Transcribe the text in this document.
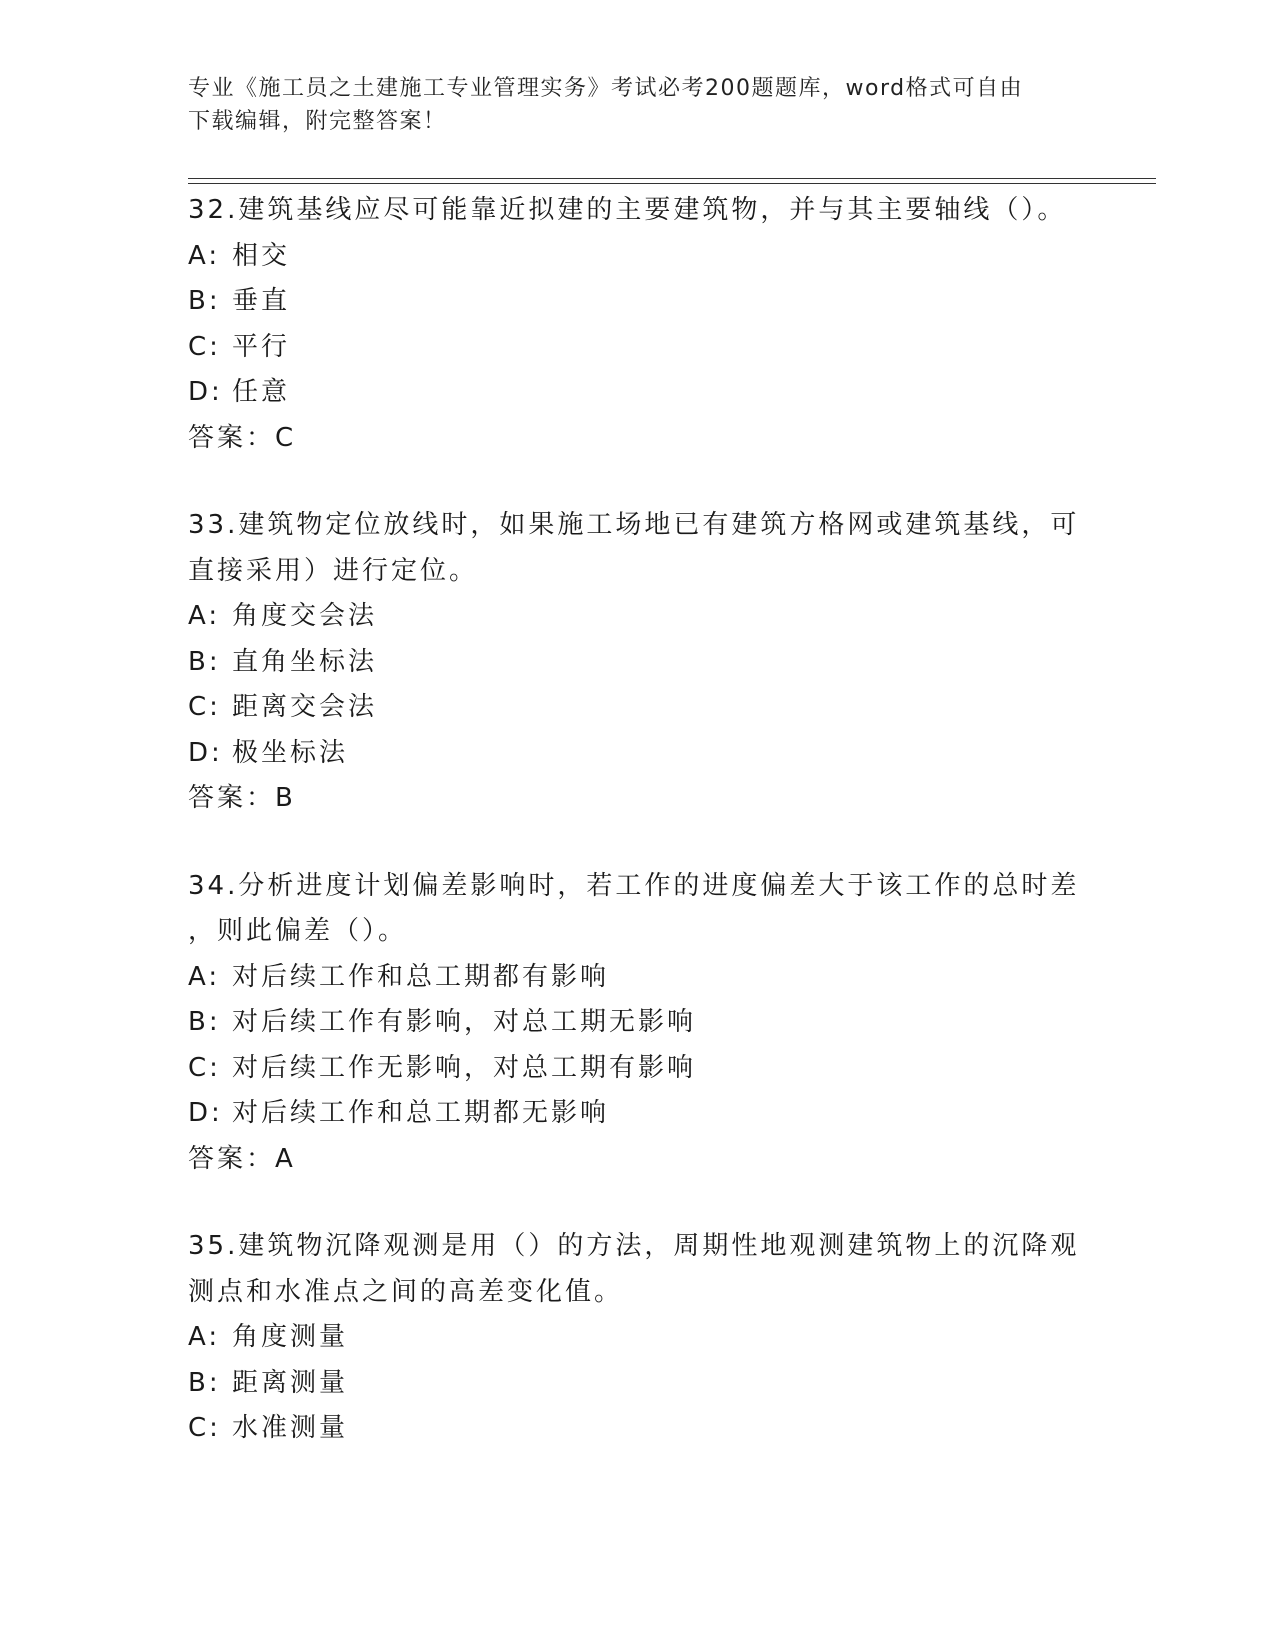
专业《施工员之土建施工专业管理实务》考试必考200题题库，word格式可自由
下载编辑，附完整答案！
32.建筑基线应尽可能靠近拟建的主要建筑物，并与其主要轴线（）。
A: 相交
B: 垂直
C: 平行
D: 任意
答案：C
33.建筑物定位放线时，如果施工场地已有建筑方格网或建筑基线，可
直接采用）进行定位。
A: 角度交会法
B: 直角坐标法
C: 距离交会法
D: 极坐标法
答案：B
34.分析进度计划偏差影响时，若工作的进度偏差大于该工作的总时差
，则此偏差（）。
A: 对后续工作和总工期都有影响
B: 对后续工作有影响，对总工期无影响
C: 对后续工作无影响，对总工期有影响
D: 对后续工作和总工期都无影响
答案：A
35.建筑物沉降观测是用（）的方法，周期性地观测建筑物上的沉降观
测点和水准点之间的高差变化值。
A: 角度测量
B: 距离测量
C: 水准测量
